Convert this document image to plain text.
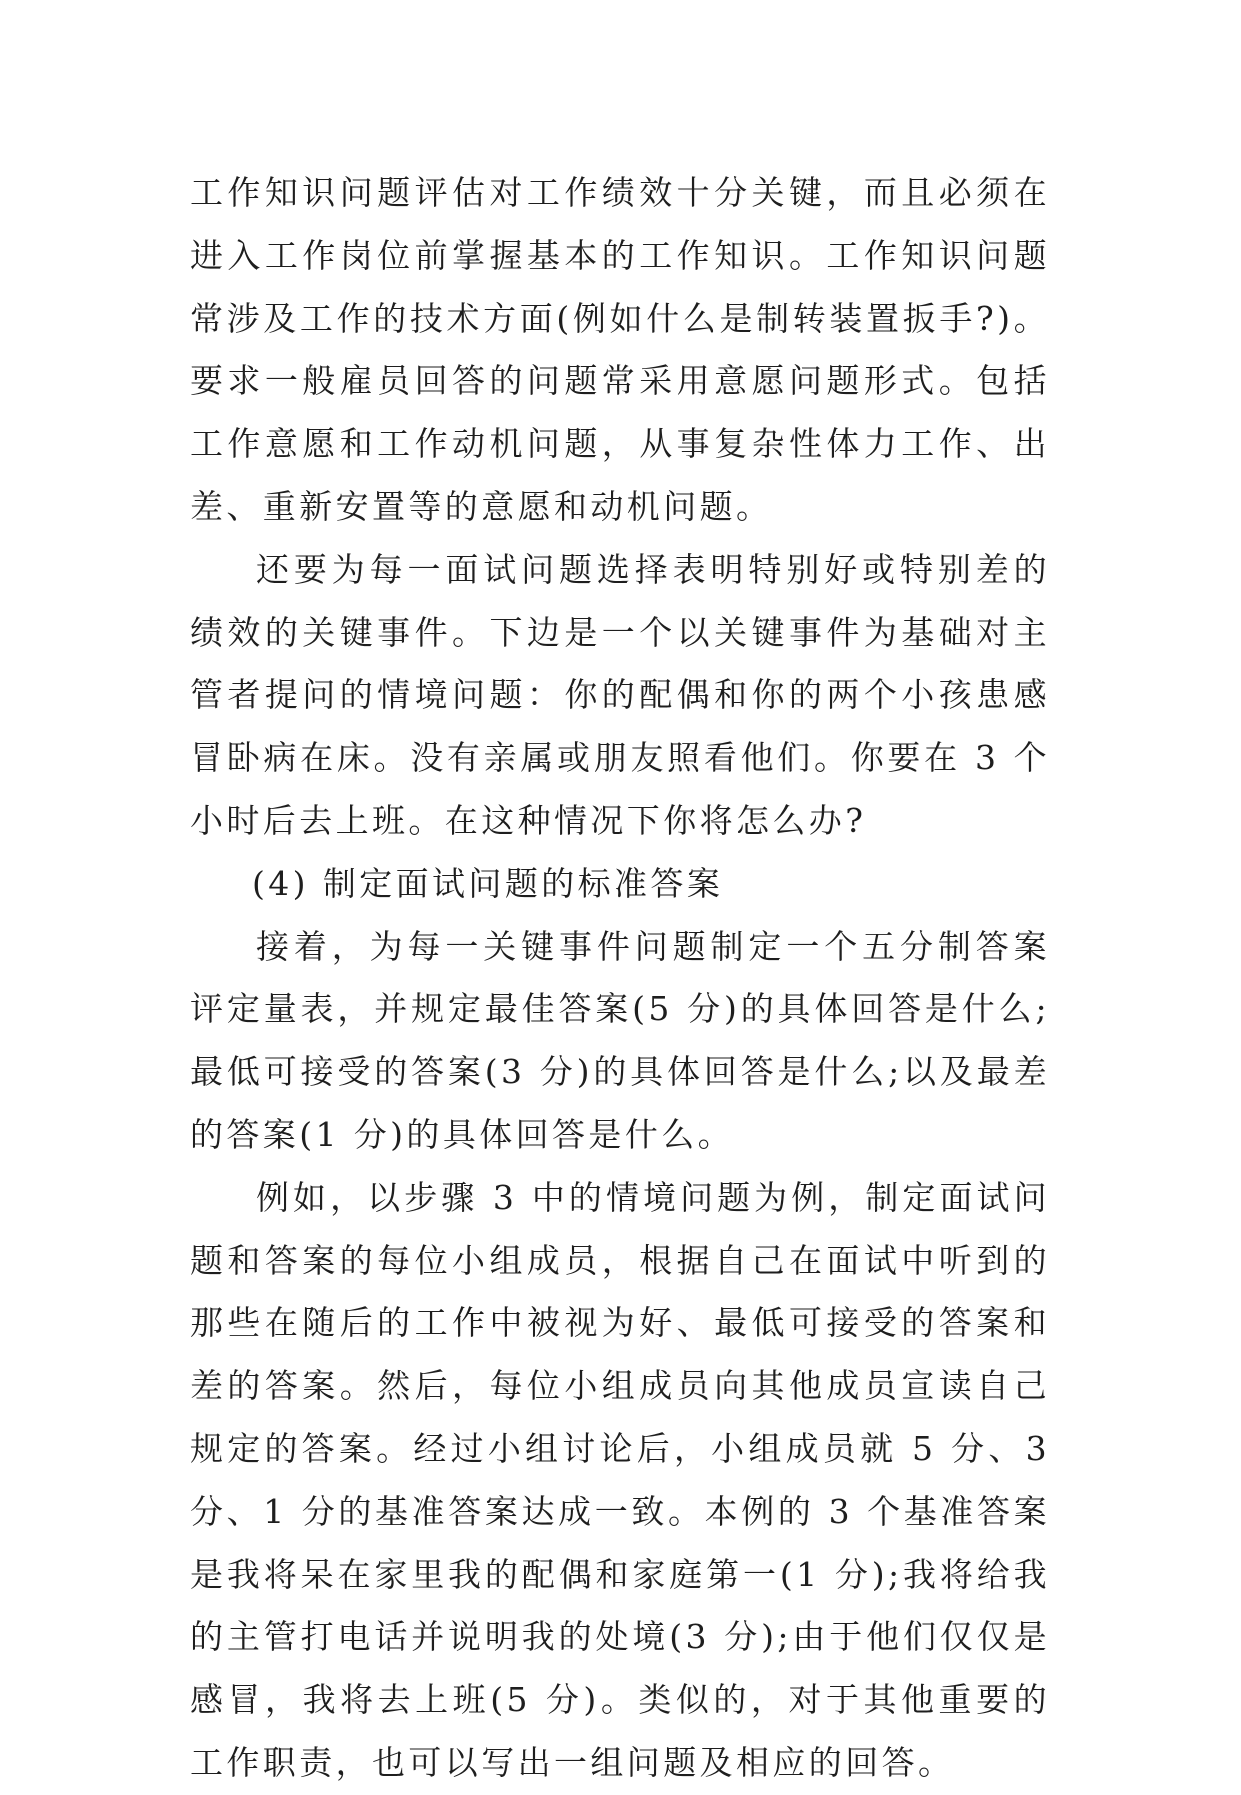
工作知识问题评估对工作绩效十分关键，而且必须在进入工作岗位前掌握基本的工作知识。工作知识问题常涉及工作的技术方面(例如什么是制转装置扳手?)。要求一般雇员回答的问题常采用意愿问题形式。包括工作意愿和工作动机问题，从事复杂性体力工作、出差、重新安置等的意愿和动机问题。

还要为每一面试问题选择表明特别好或特别差的绩效的关键事件。下边是一个以关键事件为基础对主管者提问的情境问题：你的配偶和你的两个小孩患感冒卧病在床。没有亲属或朋友照看他们。你要在 3 个小时后去上班。在这种情况下你将怎么办?

(4) 制定面试问题的标准答案

接着，为每一关键事件问题制定一个五分制答案评定量表，并规定最佳答案(5 分)的具体回答是什么;最低可接受的答案(3 分)的具体回答是什么;以及最差的答案(1 分)的具体回答是什么。

例如，以步骤 3 中的情境问题为例，制定面试问题和答案的每位小组成员，根据自己在面试中听到的那些在随后的工作中被视为好、最低可接受的答案和差的答案。然后，每位小组成员向其他成员宣读自己规定的答案。经过小组讨论后，小组成员就 5 分、3 分、1 分的基准答案达成一致。本例的 3 个基准答案是我将呆在家里我的配偶和家庭第一(1 分);我将给我的主管打电话并说明我的处境(3 分);由于他们仅仅是感冒，我将去上班(5 分)。类似的，对于其他重要的工作职责，也可以写出一组问题及相应的回答。
